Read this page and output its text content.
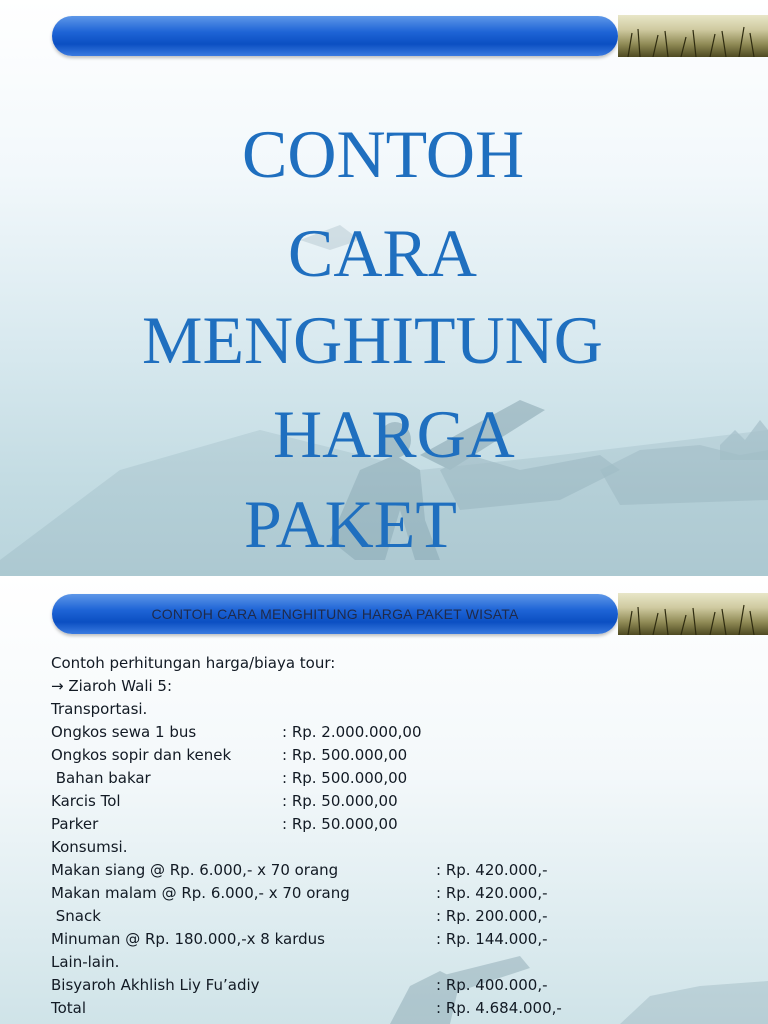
CONTOH
CARA
MENGHITUNG
HARGA
PAKET
CONTOH CARA MENGHITUNG HARGA PAKET WISATA
Contoh perhitungan harga/biaya tour:
→ Ziaroh Wali 5:
Transportasi.
Ongkos sewa 1 bus	: Rp. 2.000.000,00
Ongkos sopir dan kenek	: Rp. 500.000,00
Bahan bakar	: Rp. 500.000,00
Karcis Tol	: Rp. 50.000,00
Parker	: Rp. 50.000,00
Konsumsi.
Makan siang @ Rp. 6.000,- x 70 orang	: Rp. 420.000,-
Makan malam @ Rp. 6.000,- x 70 orang	: Rp. 420.000,-
Snack	: Rp. 200.000,-
Minuman @ Rp. 180.000,-x 8 kardus	: Rp. 144.000,-
Lain-lain.
Bisyaroh Akhlish Liy Fu’adiy	: Rp. 400.000,-
Total	: Rp. 4.684.000,-
